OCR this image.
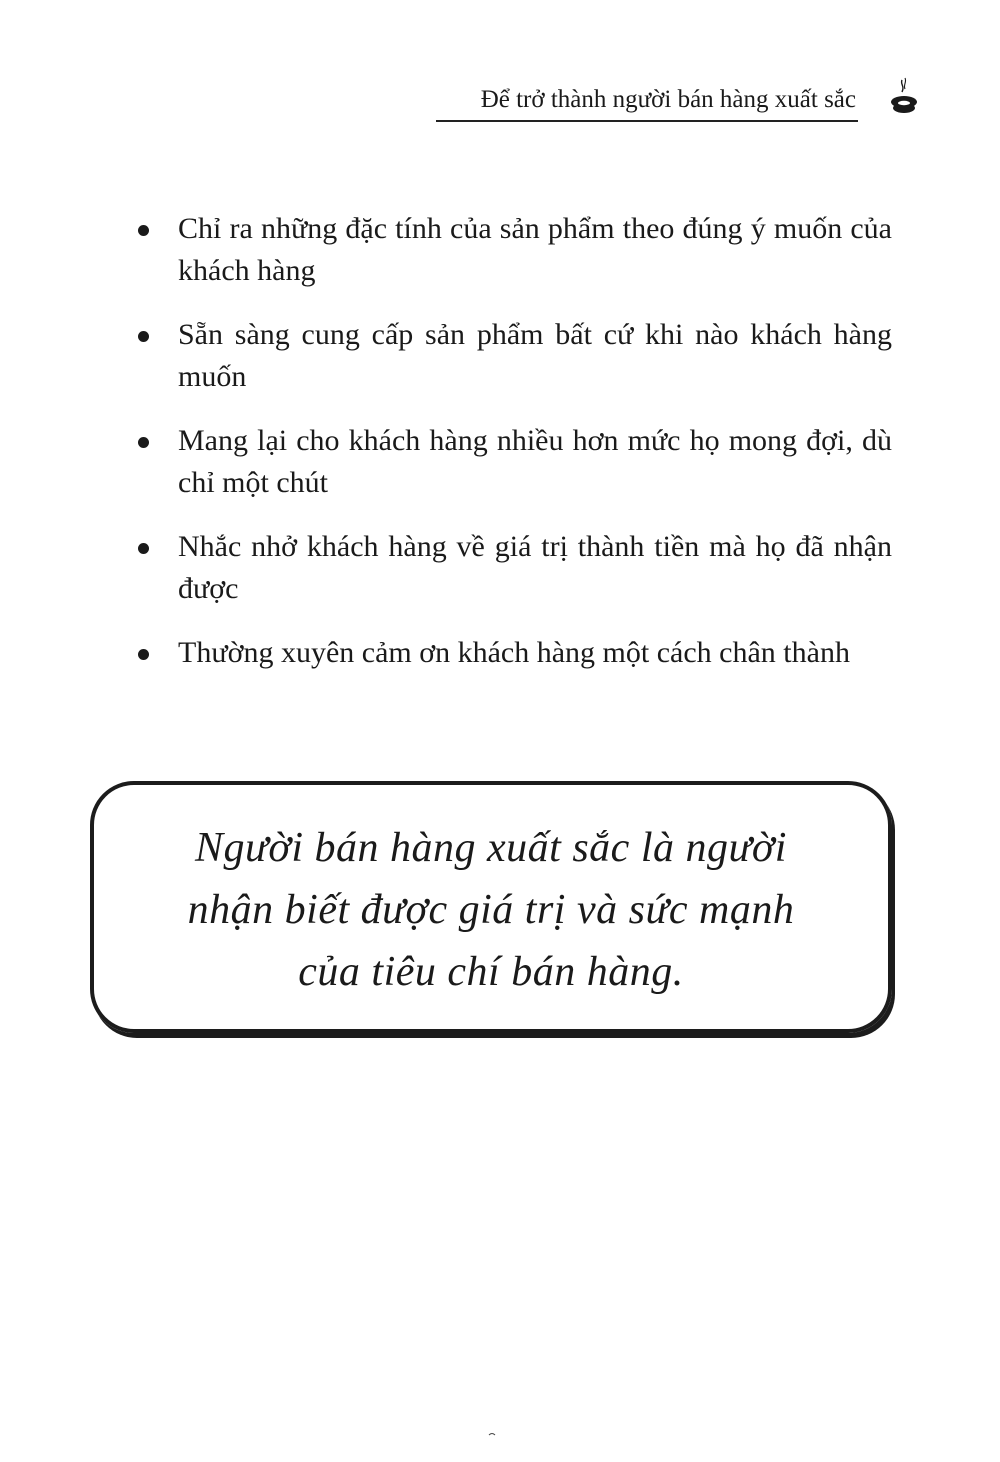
Để trở thành người bán hàng xuất sắc
Chỉ ra những đặc tính của sản phẩm theo đúng ý muốn của khách hàng
Sẵn sàng cung cấp sản phẩm bất cứ khi nào khách hàng muốn
Mang lại cho khách hàng nhiều hơn mức họ mong đợi, dù chỉ một chút
Nhắc nhở khách hàng về giá trị thành tiền mà họ đã nhận được
Thường xuyên cảm ơn khách hàng một cách chân thành
Người bán hàng xuất sắc là người
nhận biết được giá trị và sức mạnh
của tiêu chí bán hàng.
